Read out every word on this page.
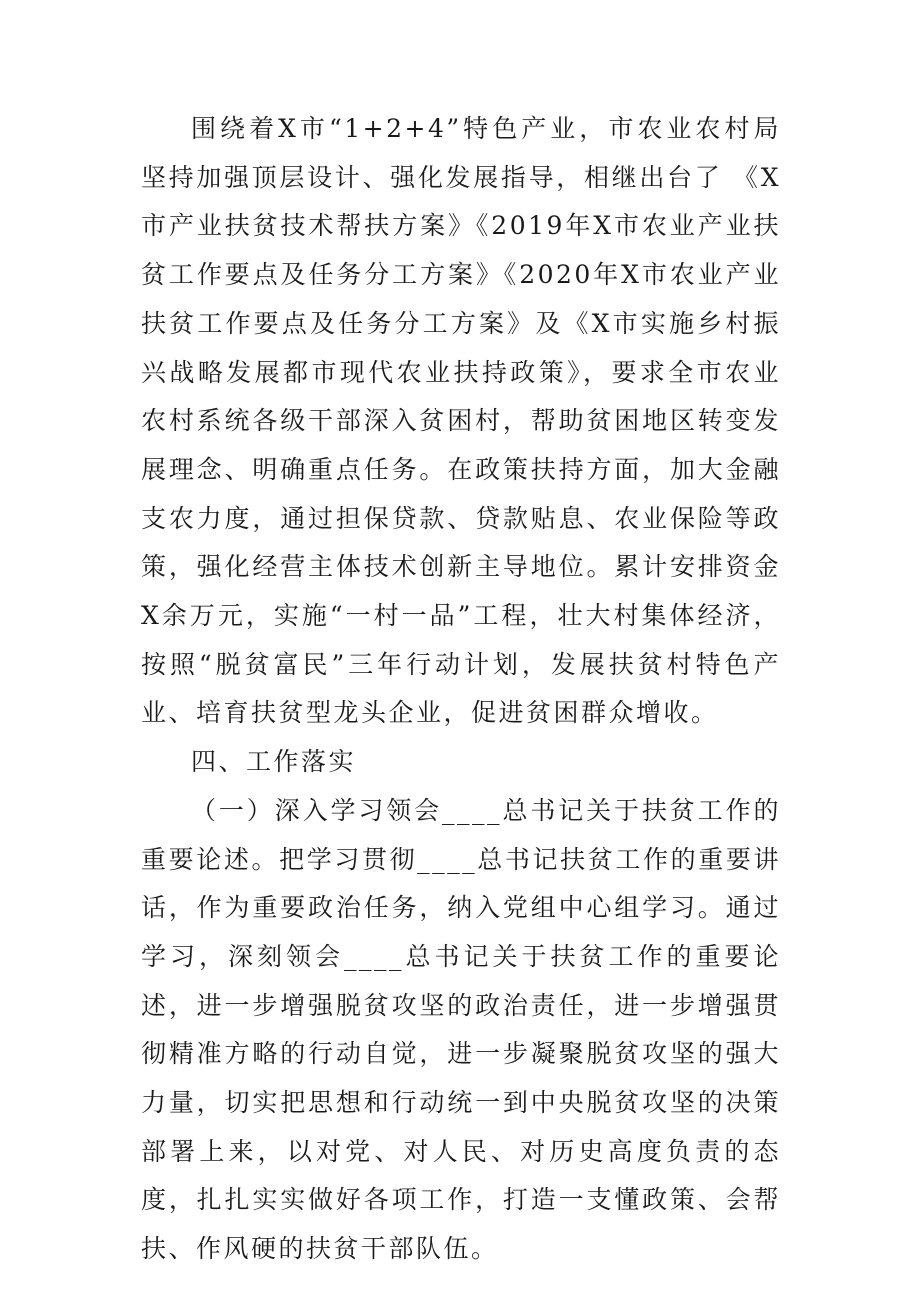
围绕着X市“1+2+4”特色产业，市农业农村局坚持加强顶层设计、强化发展指导，相继出台了 《X市产业扶贫技术帮扶方案》《2019年X市农业产业扶贫工作要点及任务分工方案》《2020年X市农业产业扶贫工作要点及任务分工方案》及《X市实施乡村振兴战略发展都市现代农业扶持政策》，要求全市农业农村系统各级干部深入贫困村，帮助贫困地区转变发展理念、明确重点任务。在政策扶持方面，加大金融支农力度，通过担保贷款、贷款贴息、农业保险等政策，强化经营主体技术创新主导地位。累计安排资金X余万元，实施“一村一品”工程，壮大村集体经济，按照“脱贫富民”三年行动计划，发展扶贫村特色产业、培育扶贫型龙头企业，促进贫困群众增收。

四、工作落实

（一）深入学习领会____总书记关于扶贫工作的重要论述。把学习贯彻____总书记扶贫工作的重要讲话，作为重要政治任务，纳入党组中心组学习。通过学习，深刻领会____总书记关于扶贫工作的重要论述，进一步增强脱贫攻坚的政治责任，进一步增强贯彻精准方略的行动自觉，进一步凝聚脱贫攻坚的强大力量，切实把思想和行动统一到中央脱贫攻坚的决策部署上来，以对党、对人民、对历史高度负责的态度，扎扎实实做好各项工作，打造一支懂政策、会帮扶、作风硬的扶贫干部队伍。
